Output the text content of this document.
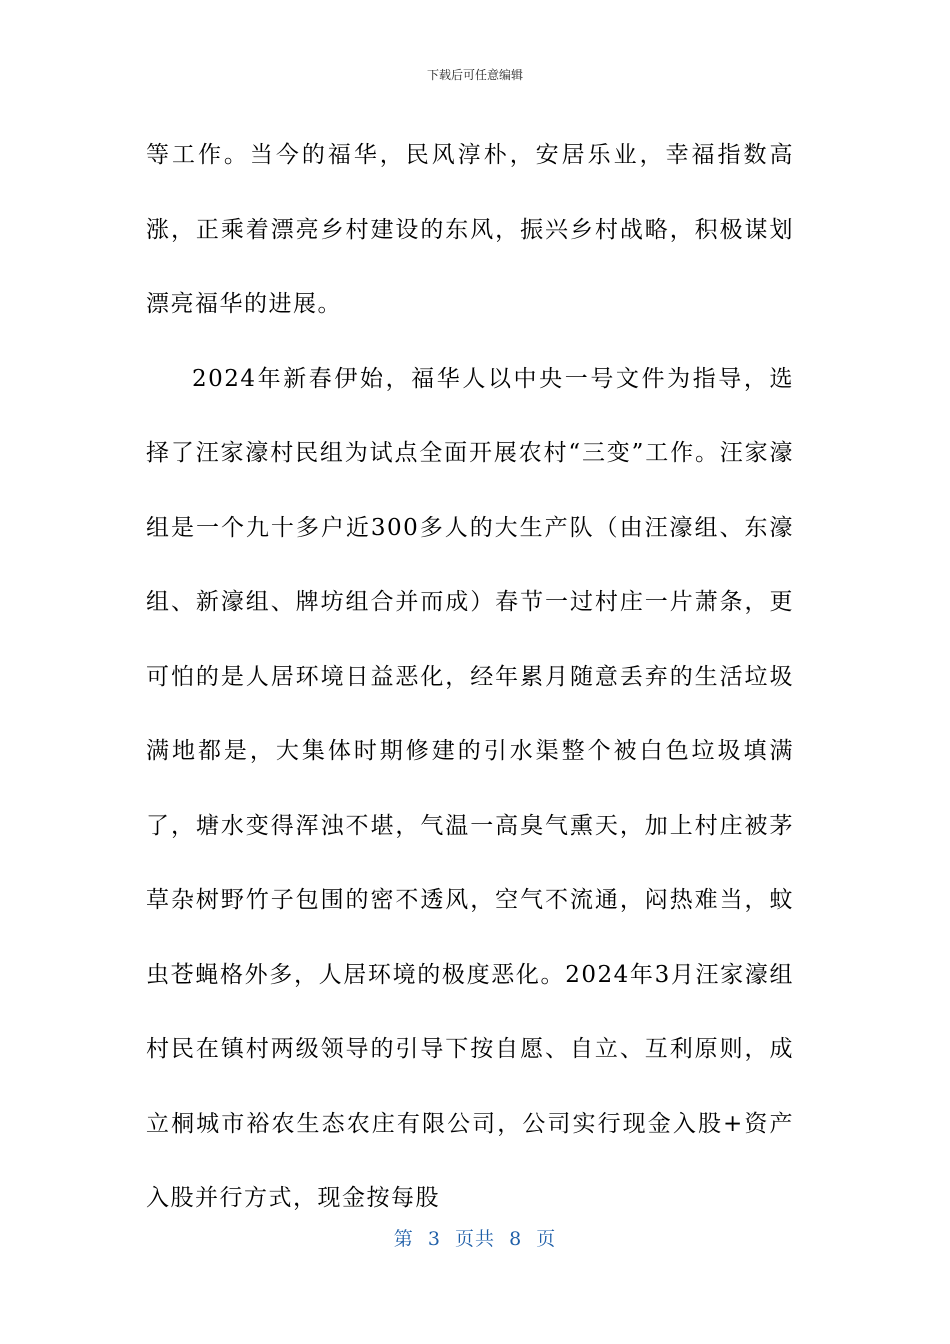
下载后可任意编辑

等工作。当今的福华，民风淳朴，安居乐业，幸福指数高涨，正乘着漂亮乡村建设的东风，振兴乡村战略，积极谋划漂亮福华的进展。

2024年新春伊始，福华人以中央一号文件为指导，选择了汪家濠村民组为试点全面开展农村“三变”工作。汪家濠组是一个九十多户近300多人的大生产队（由汪濠组、东濠组、新濠组、牌坊组合并而成）春节一过村庄一片萧条，更可怕的是人居环境日益恶化，经年累月随意丢弃的生活垃圾满地都是，大集体时期修建的引水渠整个被白色垃圾填满了，塘水变得浑浊不堪，气温一高臭气熏天，加上村庄被茅草杂树野竹子包围的密不透风，空气不流通，闷热难当，蚊虫苍蝇格外多，人居环境的极度恶化。2024年3月汪家濠组村民在镇村两级领导的引导下按自愿、自立、互利原则，成立桐城市裕农生态农庄有限公司，公司实行现金入股+资产入股并行方式，现金按每股

第  3  页共  8  页
